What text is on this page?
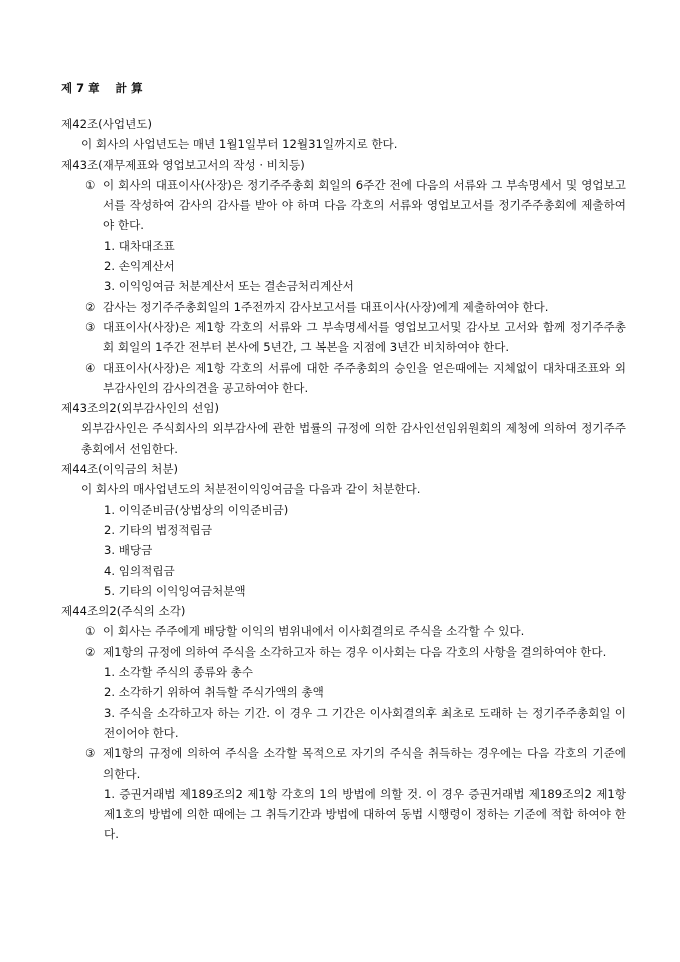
제 7 章    計 算
제42조(사업년도)
이 회사의 사업년도는 매년 1월1일부터 12월31일까지로 한다.
제43조(재무제표와 영업보고서의 작성 · 비치등)
① 이 회사의 대표이사(사장)은 정기주주총회 회일의 6주간 전에 다음의 서류와 그 부속명세서 및 영업보고서를 작성하여 감사의 감사를 받아 야 하며 다음 각호의 서류와 영업보고서를 정기주주총회에 제출하여야 한다.
1. 대차대조표
2. 손익계산서
3. 이익잉여금 처분계산서 또는 결손금처리계산서
② 감사는 정기주주총회일의 1주전까지 감사보고서를 대표이사(사장)에게 제출하여야 한다.
③ 대표이사(사장)은 제1항 각호의 서류와 그 부속명세서를 영업보고서및 감사보 고서와 함께 정기주주총회 회일의 1주간 전부터 본사에 5년간, 그 복본을 지점에 3년간 비치하여야 한다.
④ 대표이사(사장)은 제1항 각호의 서류에 대한 주주총회의 승인을 얻은때에는 지체없이 대차대조표와 외부감사인의 감사의견을 공고하여야 한다.
제43조의2(외부감사인의 선임)
외부감사인은 주식회사의 외부감사에 관한 법률의 규정에 의한 감사인선임위원회의 제청에 의하여 정기주주총회에서 선임한다.
제44조(이익금의 처분)
이 회사의 매사업년도의 처분전이익잉여금을 다음과 같이 처분한다.
1. 이익준비금(상법상의 이익준비금)
2. 기타의 법정적립금
3. 배당금
4. 임의적립금
5. 기타의 이익잉여금처분액
제44조의2(주식의 소각)
① 이 회사는 주주에게 배당할 이익의 범위내에서 이사회결의로 주식을 소각할 수 있다.
② 제1항의 규정에 의하여 주식을 소각하고자 하는 경우 이사회는 다음 각호의 사항을 결의하여야 한다.
1. 소각할 주식의 종류와 총수
2. 소각하기 위하여 취득할 주식가액의 총액
3. 주식을 소각하고자 하는 기간. 이 경우 그 기간은 이사회결의후 최초로 도래하 는 정기주주총회일 이전이어야 한다.
③ 제1항의 규정에 의하여 주식을 소각할 목적으로 자기의 주식을 취득하는 경우에는 다음 각호의 기준에 의한다.
1. 증권거래법 제189조의2 제1항 각호의 1의 방법에 의할 것. 이 경우 증권거래법 제189조의2 제1항 제1호의 방법에 의한 때에는 그 취득기간과 방법에 대하여 동법 시행령이 정하는 기준에 적합 하여야 한다.
